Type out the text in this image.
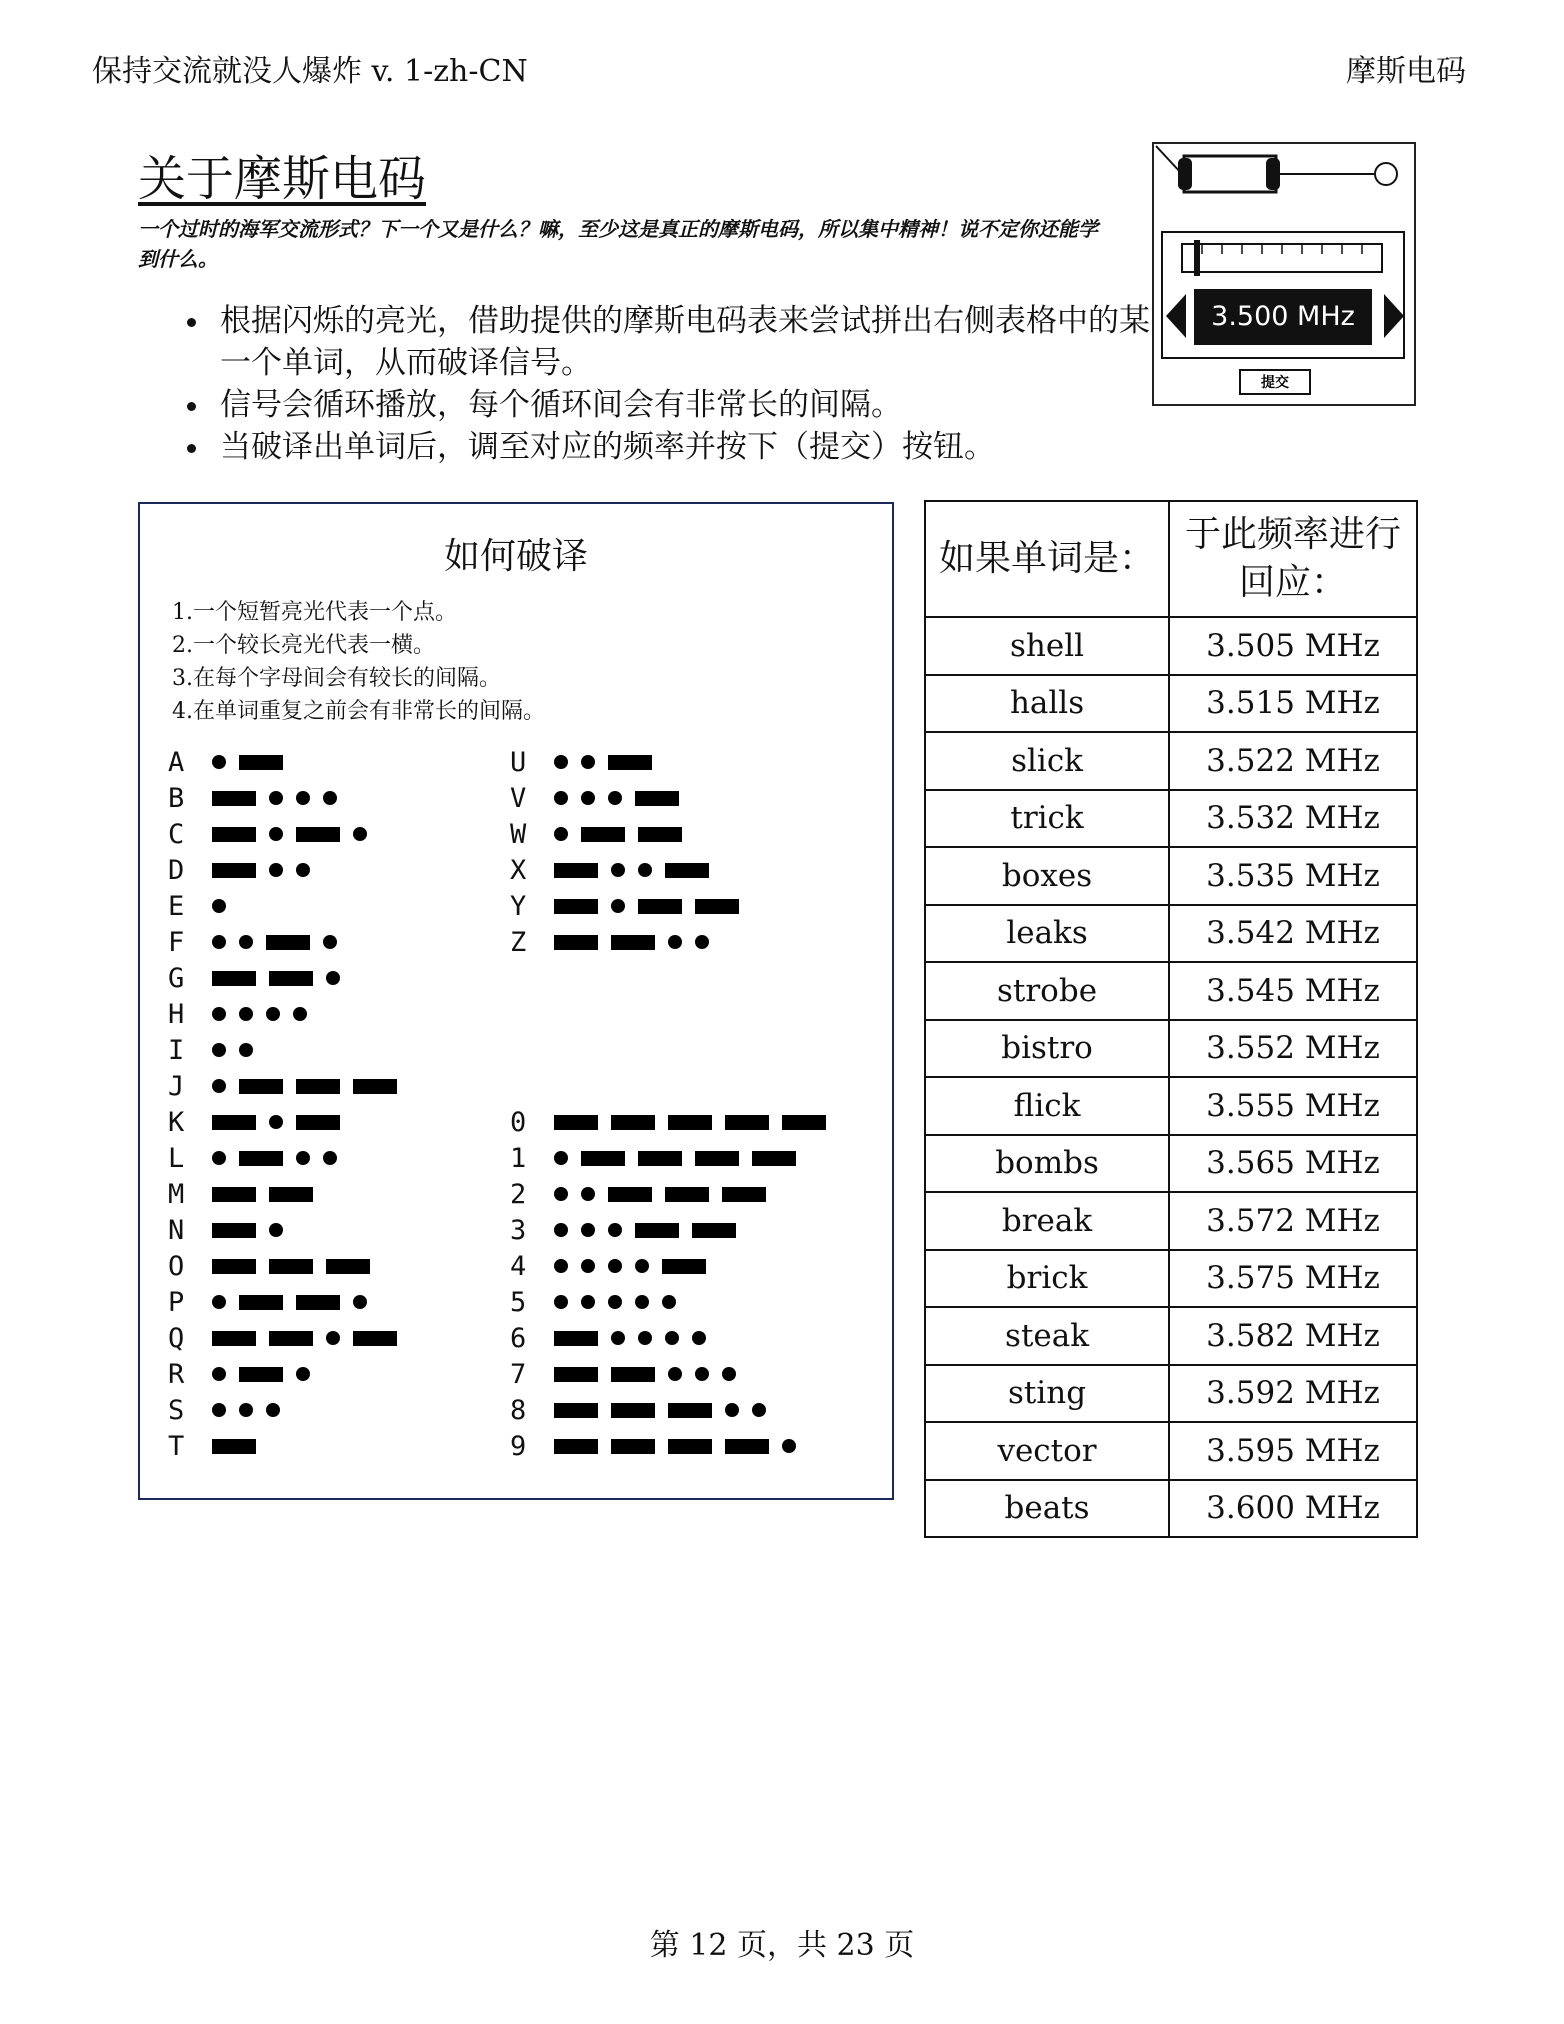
保持交流就没人爆炸 v. 1-zh-CN	摩斯电码
关于摩斯电码
一个过时的海军交流形式？下一个又是什么？嘛，至少这是真正的摩斯电码，所以集中精神！说不定你还能学到什么。
• 根据闪烁的亮光，借助提供的摩斯电码表来尝试拼出右侧表格中的某一个单词，从而破译信号。
• 信号会循环播放，每个循环间会有非常长的间隔。
• 当破译出单词后，调至对应的频率并按下（提交）按钮。
3.500 MHz
提交
如何破译
1.一个短暂亮光代表一个点。
2.一个较长亮光代表一横。
3.在每个字母间会有较长的间隔。
4.在单词重复之前会有非常长的间隔。
A
B
C
D
E
F
G
H
I
J
K
L
M
N
O
P
Q
R
S
T
U
V
W
X
Y
Z
0
1
2
3
4
5
6
7
8
9
如果单词是：	于此频率进行回应：
shell	3.505 MHz
halls	3.515 MHz
slick	3.522 MHz
trick	3.532 MHz
boxes	3.535 MHz
leaks	3.542 MHz
strobe	3.545 MHz
bistro	3.552 MHz
flick	3.555 MHz
bombs	3.565 MHz
break	3.572 MHz
brick	3.575 MHz
steak	3.582 MHz
sting	3.592 MHz
vector	3.595 MHz
beats	3.600 MHz
第 12 页，共 23 页
